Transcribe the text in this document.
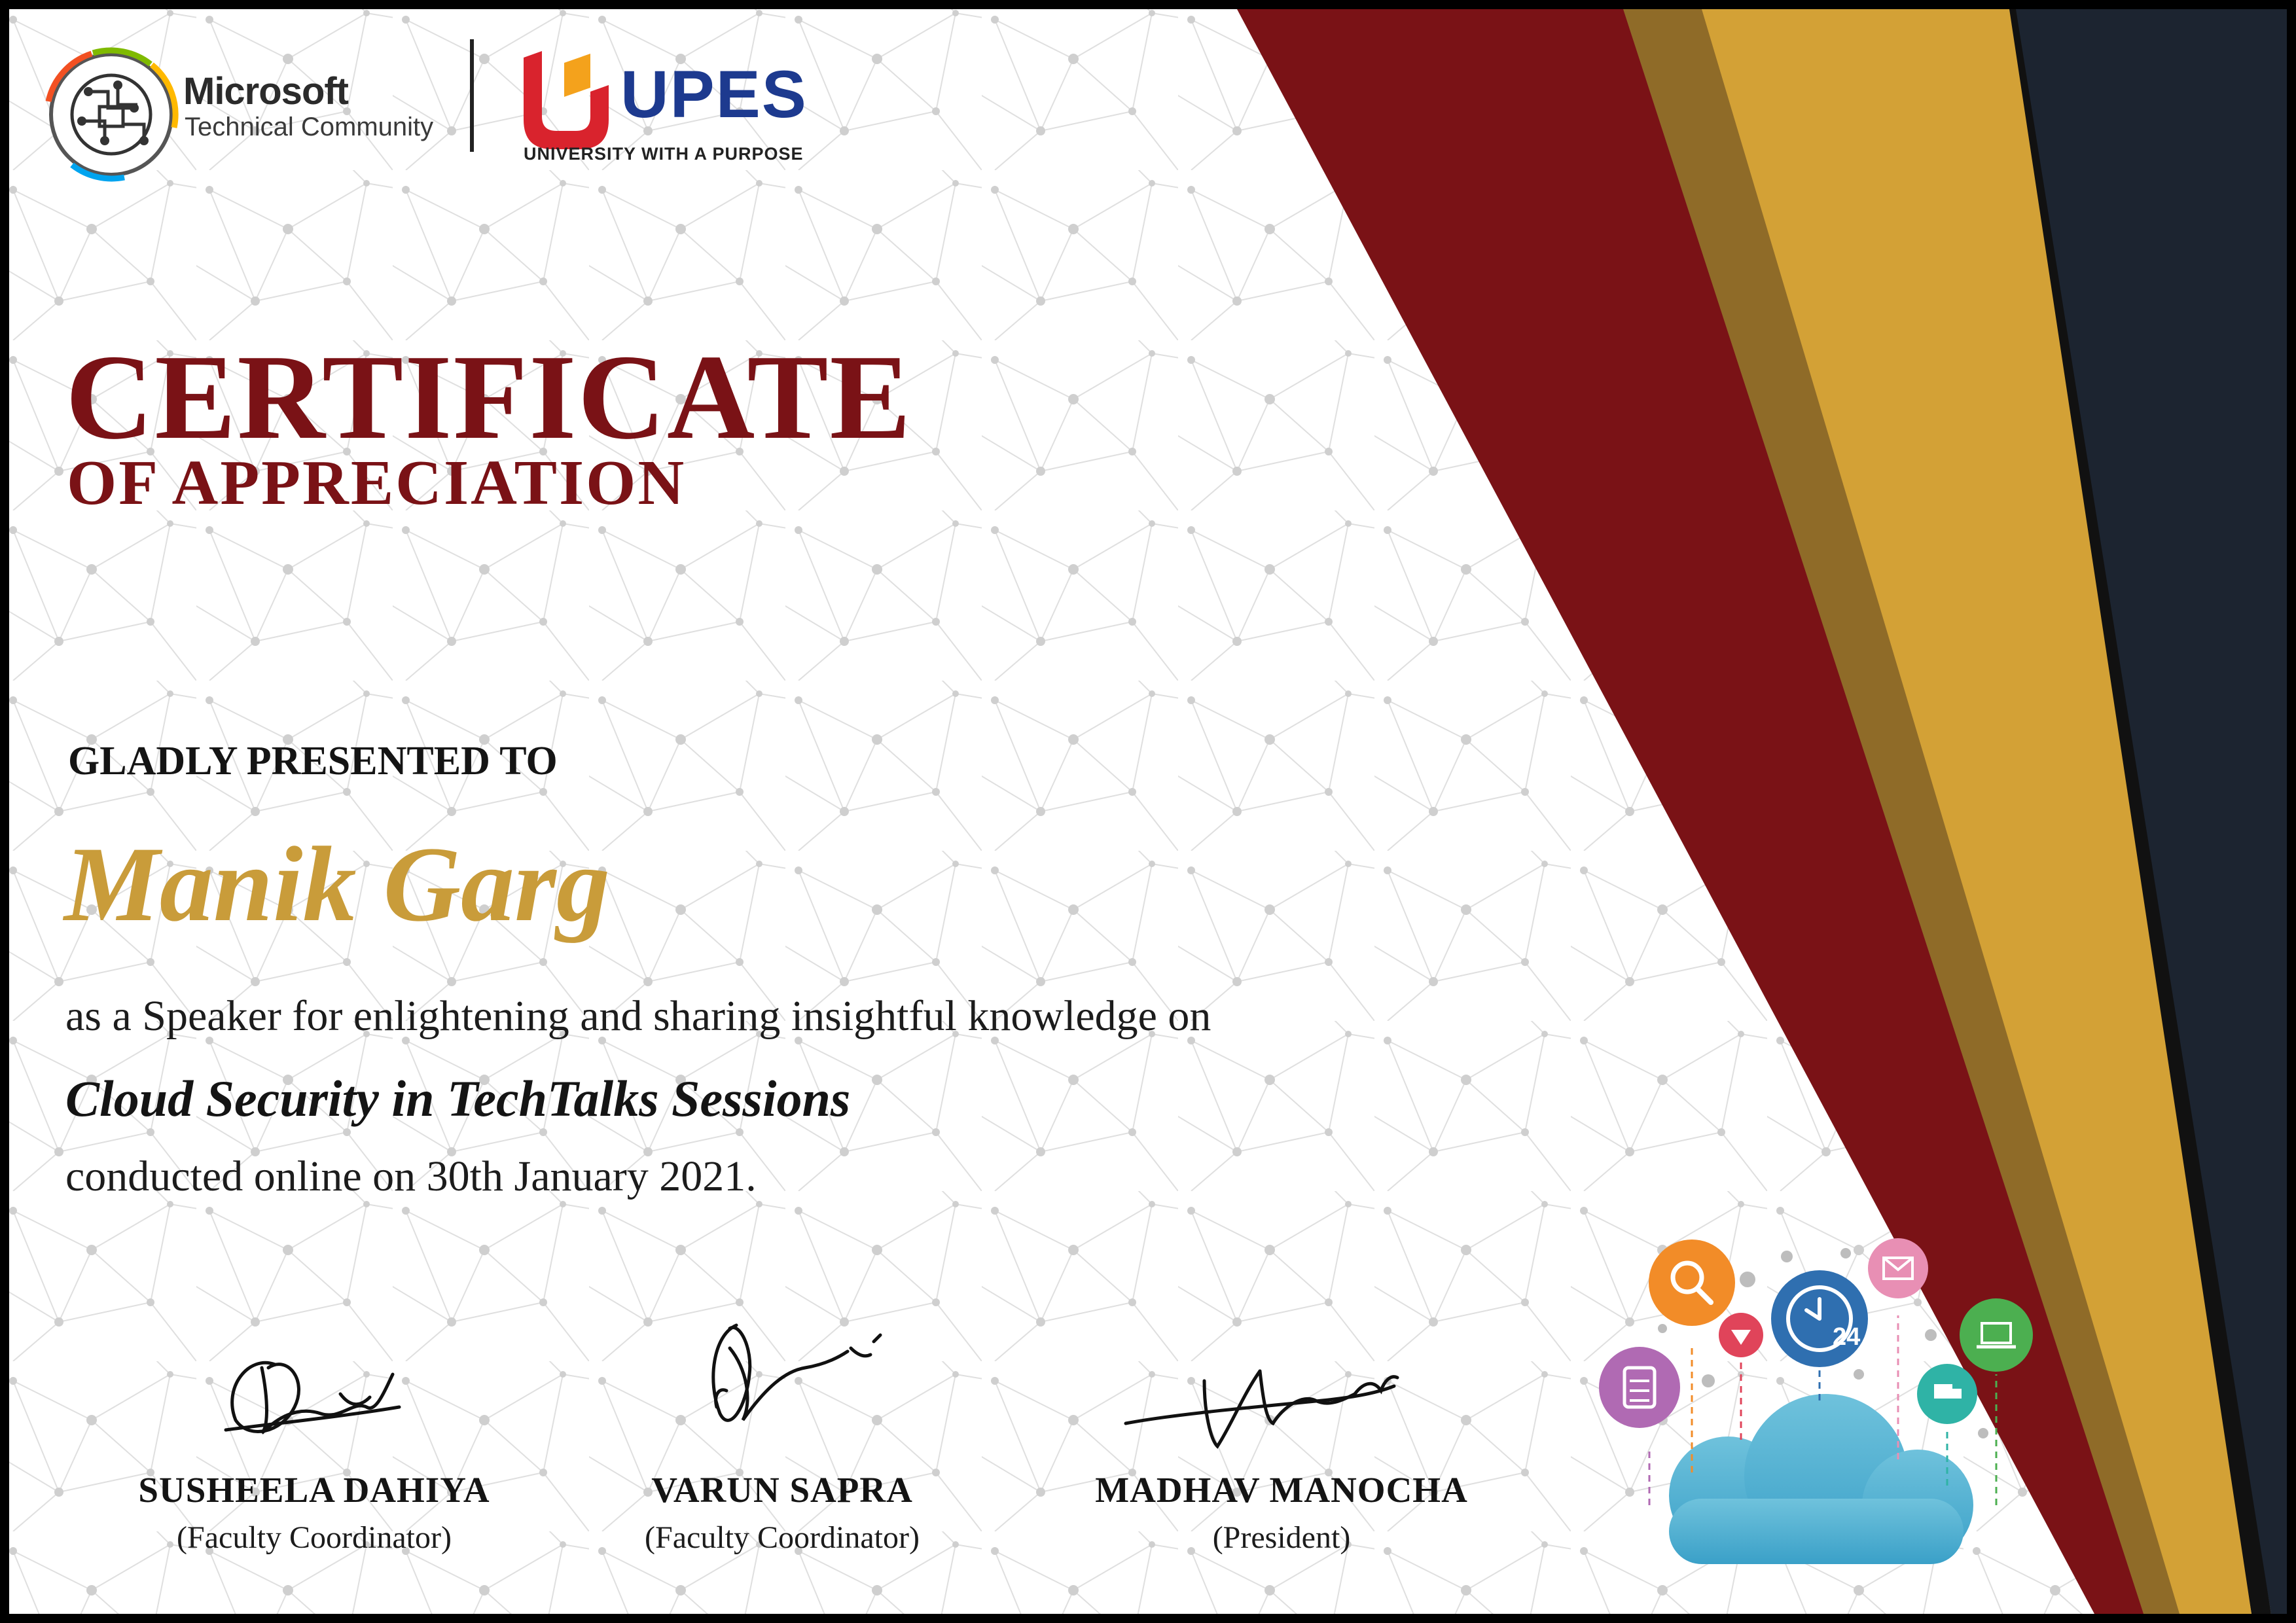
24

Microsoft

Technical Community	UPES

UNIVERSITY WITH A PURPOSE

CERTIFICATE
OF APPRECIATION

GLADLY PRESENTED TO

Manik Garg

as a Speaker for enlightening and sharing insightful knowledge on

Cloud Security in TechTalks Sessions

conducted online on 30th January 2021.

SUSHEELA DAHIYA

(Faculty Coordinator)

VARUN SAPRA

(Faculty Coordinator)

MADHAV MANOCHA

(President)
